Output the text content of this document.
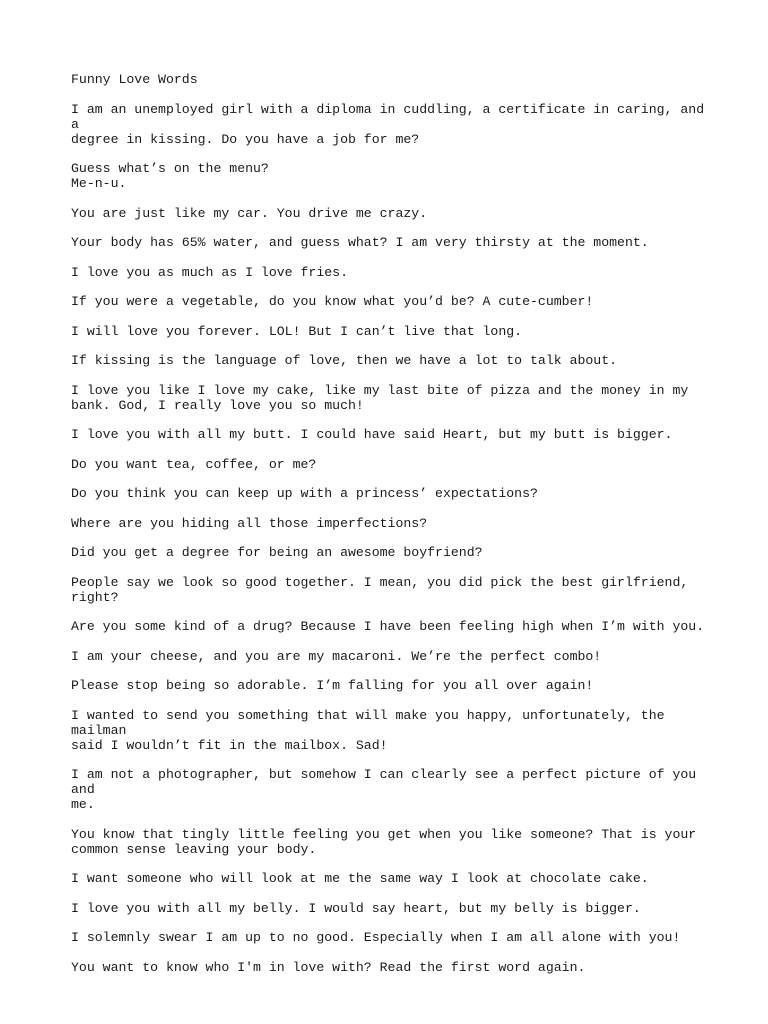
Funny Love Words
I am an unemployed girl with a diploma in cuddling, a certificate in caring, and a
degree in kissing. Do you have a job for me?
Guess what’s on the menu?
Me-n-u.
You are just like my car. You drive me crazy.
Your body has 65% water, and guess what? I am very thirsty at the moment.
I love you as much as I love fries.
If you were a vegetable, do you know what you’d be? A cute-cumber!
I will love you forever. LOL! But I can’t live that long.
If kissing is the language of love, then we have a lot to talk about.
I love you like I love my cake, like my last bite of pizza and the money in my
bank. God, I really love you so much!
I love you with all my butt. I could have said Heart, but my butt is bigger.
Do you want tea, coffee, or me?
Do you think you can keep up with a princess’ expectations?
Where are you hiding all those imperfections?
Did you get a degree for being an awesome boyfriend?
People say we look so good together. I mean, you did pick the best girlfriend,
right?
Are you some kind of a drug? Because I have been feeling high when I’m with you.
I am your cheese, and you are my macaroni. We’re the perfect combo!
Please stop being so adorable. I’m falling for you all over again!
I wanted to send you something that will make you happy, unfortunately, the mailman
said I wouldn’t fit in the mailbox. Sad!
I am not a photographer, but somehow I can clearly see a perfect picture of you and
me.
You know that tingly little feeling you get when you like someone? That is your
common sense leaving your body.
I want someone who will look at me the same way I look at chocolate cake.
I love you with all my belly. I would say heart, but my belly is bigger.
I solemnly swear I am up to no good. Especially when I am all alone with you!
You want to know who I'm in love with? Read the first word again.
